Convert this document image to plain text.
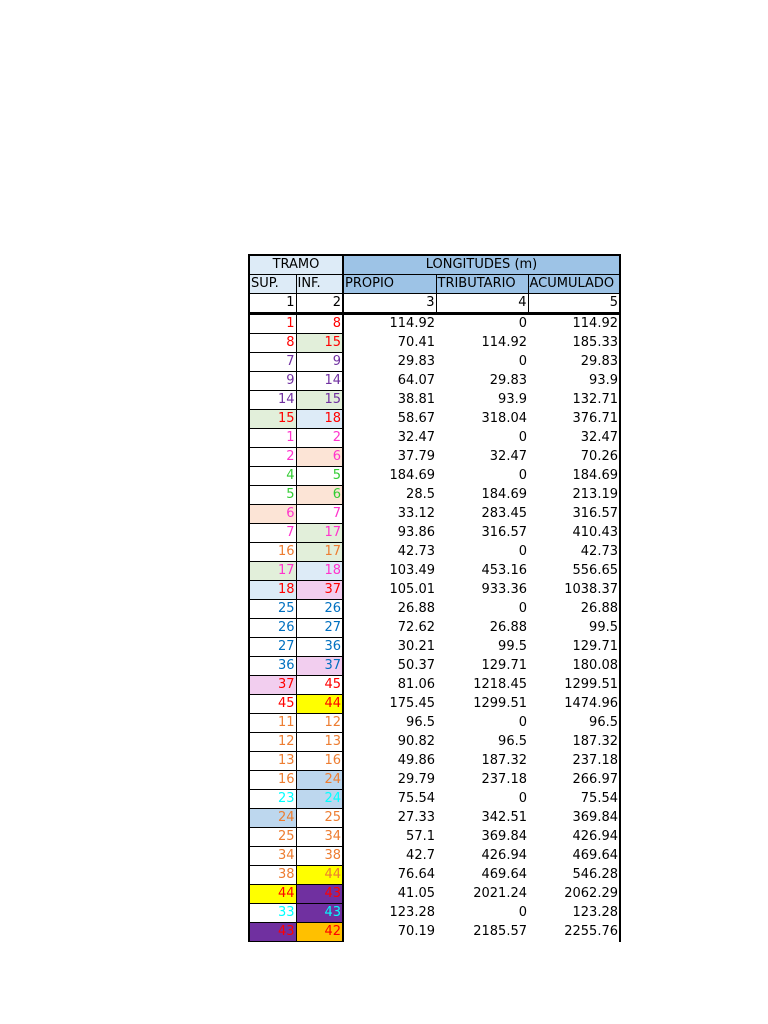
TRAMO		LONGITUDES (m)		
SUP.	INF.	PROPIO	TRIBUTARIO	ACUMULADO
1	2	3	4	5
1	8	114.92	0	114.92
8	15	70.41	114.92	185.33
7	9	29.83	0	29.83
9	14	64.07	29.83	93.9
14	15	38.81	93.9	132.71
15	18	58.67	318.04	376.71
1	2	32.47	0	32.47
2	6	37.79	32.47	70.26
4	5	184.69	0	184.69
5	6	28.5	184.69	213.19
6	7	33.12	283.45	316.57
7	17	93.86	316.57	410.43
16	17	42.73	0	42.73
17	18	103.49	453.16	556.65
18	37	105.01	933.36	1038.37
25	26	26.88	0	26.88
26	27	72.62	26.88	99.5
27	36	30.21	99.5	129.71
36	37	50.37	129.71	180.08
37	45	81.06	1218.45	1299.51
45	44	175.45	1299.51	1474.96
11	12	96.5	0	96.5
12	13	90.82	96.5	187.32
13	16	49.86	187.32	237.18
16	24	29.79	237.18	266.97
23	24	75.54	0	75.54
24	25	27.33	342.51	369.84
25	34	57.1	369.84	426.94
34	38	42.7	426.94	469.64
38	44	76.64	469.64	546.28
44	43	41.05	2021.24	2062.29
33	43	123.28	0	123.28
43	42	70.19	2185.57	2255.76
